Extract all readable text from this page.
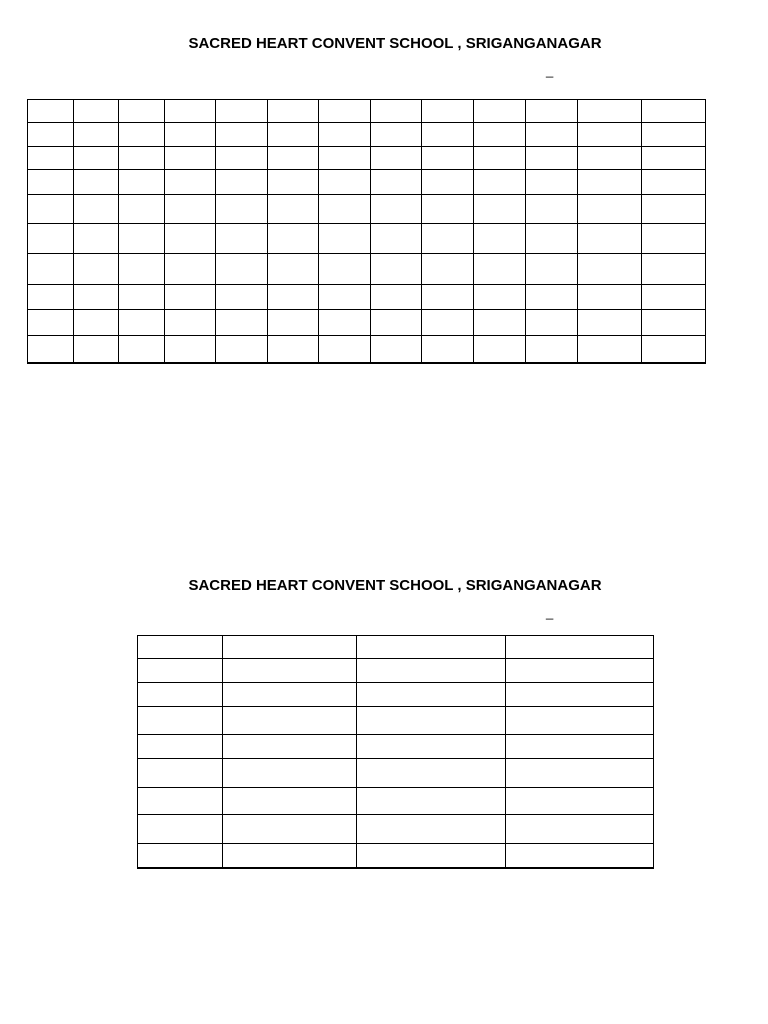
SACRED HEART CONVENT SCHOOL , SRIGANGANAGAR
_

SACRED HEART CONVENT SCHOOL , SRIGANGANAGAR
_
